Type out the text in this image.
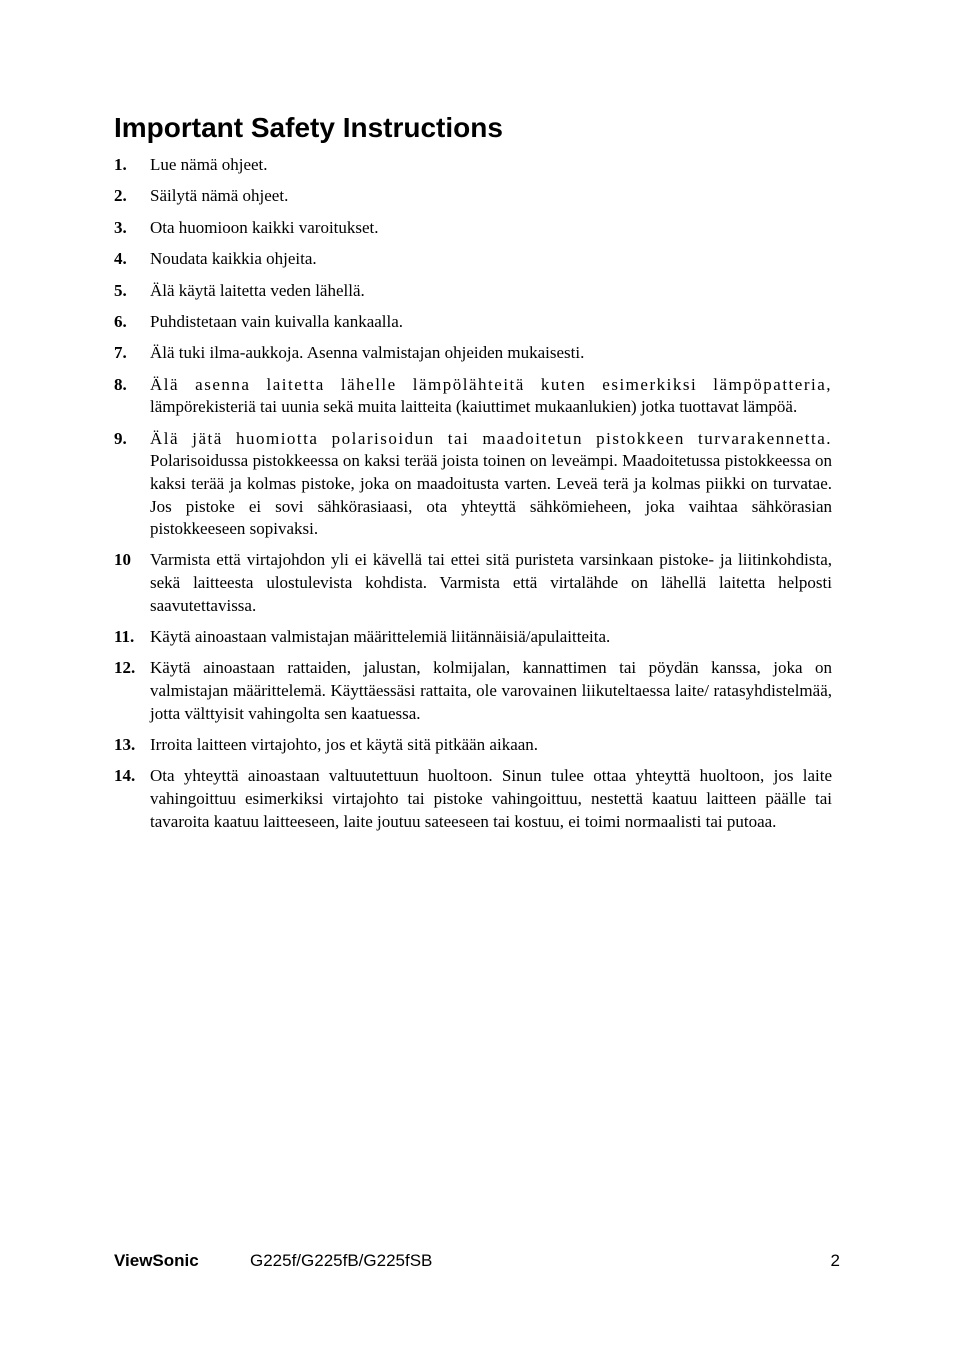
Important Safety Instructions
1.	Lue nämä ohjeet.
2.	Säilytä nämä ohjeet.
3.	Ota huomioon kaikki varoitukset.
4.	Noudata kaikkia ohjeita.
5.	Älä käytä laitetta veden lähellä.
6.	Puhdistetaan vain kuivalla kankaalla.
7.	Älä tuki ilma-aukkoja. Asenna valmistajan ohjeiden mukaisesti.
8.	Älä asenna laitetta lähelle lämpölähteitä kuten esimerkiksi lämpöpatteria, lämpörekisteriä tai uunia sekä muita laitteita (kaiuttimet mukaanlukien) jotka tuottavat lämpöä.
9.	Älä jätä huomiotta polarisoidun tai maadoitetun pistokkeen turvarakennetta. Polarisoidussa pistokkeessa on kaksi terää joista toinen on leveämpi. Maadoitetussa pistokkeessa on kaksi terää ja kolmas pistoke, joka on maadoitusta varten. Leveä terä ja kolmas piikki on turvatae. Jos pistoke ei sovi sähkörasiaasi, ota yhteyttä sähkömieheen, joka vaihtaa sähkörasian pistokkeeseen sopivaksi.
10	Varmista että virtajohdon yli ei kävellä tai ettei sitä puristeta varsinkaan pistoke- ja liitinkohdista, sekä laitteesta ulostulevista kohdista. Varmista että virtalähde on lähellä laitetta helposti saavutettavissa.
11. Käytä ainoastaan valmistajan määrittelemiä liitännäisiä/apulaitteita.
12. Käytä ainoastaan rattaiden, jalustan, kolmijalan, kannattimen tai pöydän kanssa, joka on valmistajan määrittelemä. Käyttäessäsi rattaita, ole varovainen liikuteltaessa laite/ ratasyhdistelmää, jotta välttyisit vahingolta sen kaatuessa.
13. Irroita laitteen virtajohto, jos et käytä sitä pitkään aikaan.
14. Ota yhteyttä ainoastaan valtuutettuun huoltoon. Sinun tulee ottaa yhteyttä huoltoon, jos laite vahingoittuu esimerkiksi virtajohto tai pistoke vahingoittuu, nestettä kaatuu laitteen päälle tai tavaroita kaatuu laitteeseen, laite joutuu sateeseen tai kostuu, ei toimi normaalisti tai putoaa.
ViewSonic	G225f/G225fB/G225fSB	2
